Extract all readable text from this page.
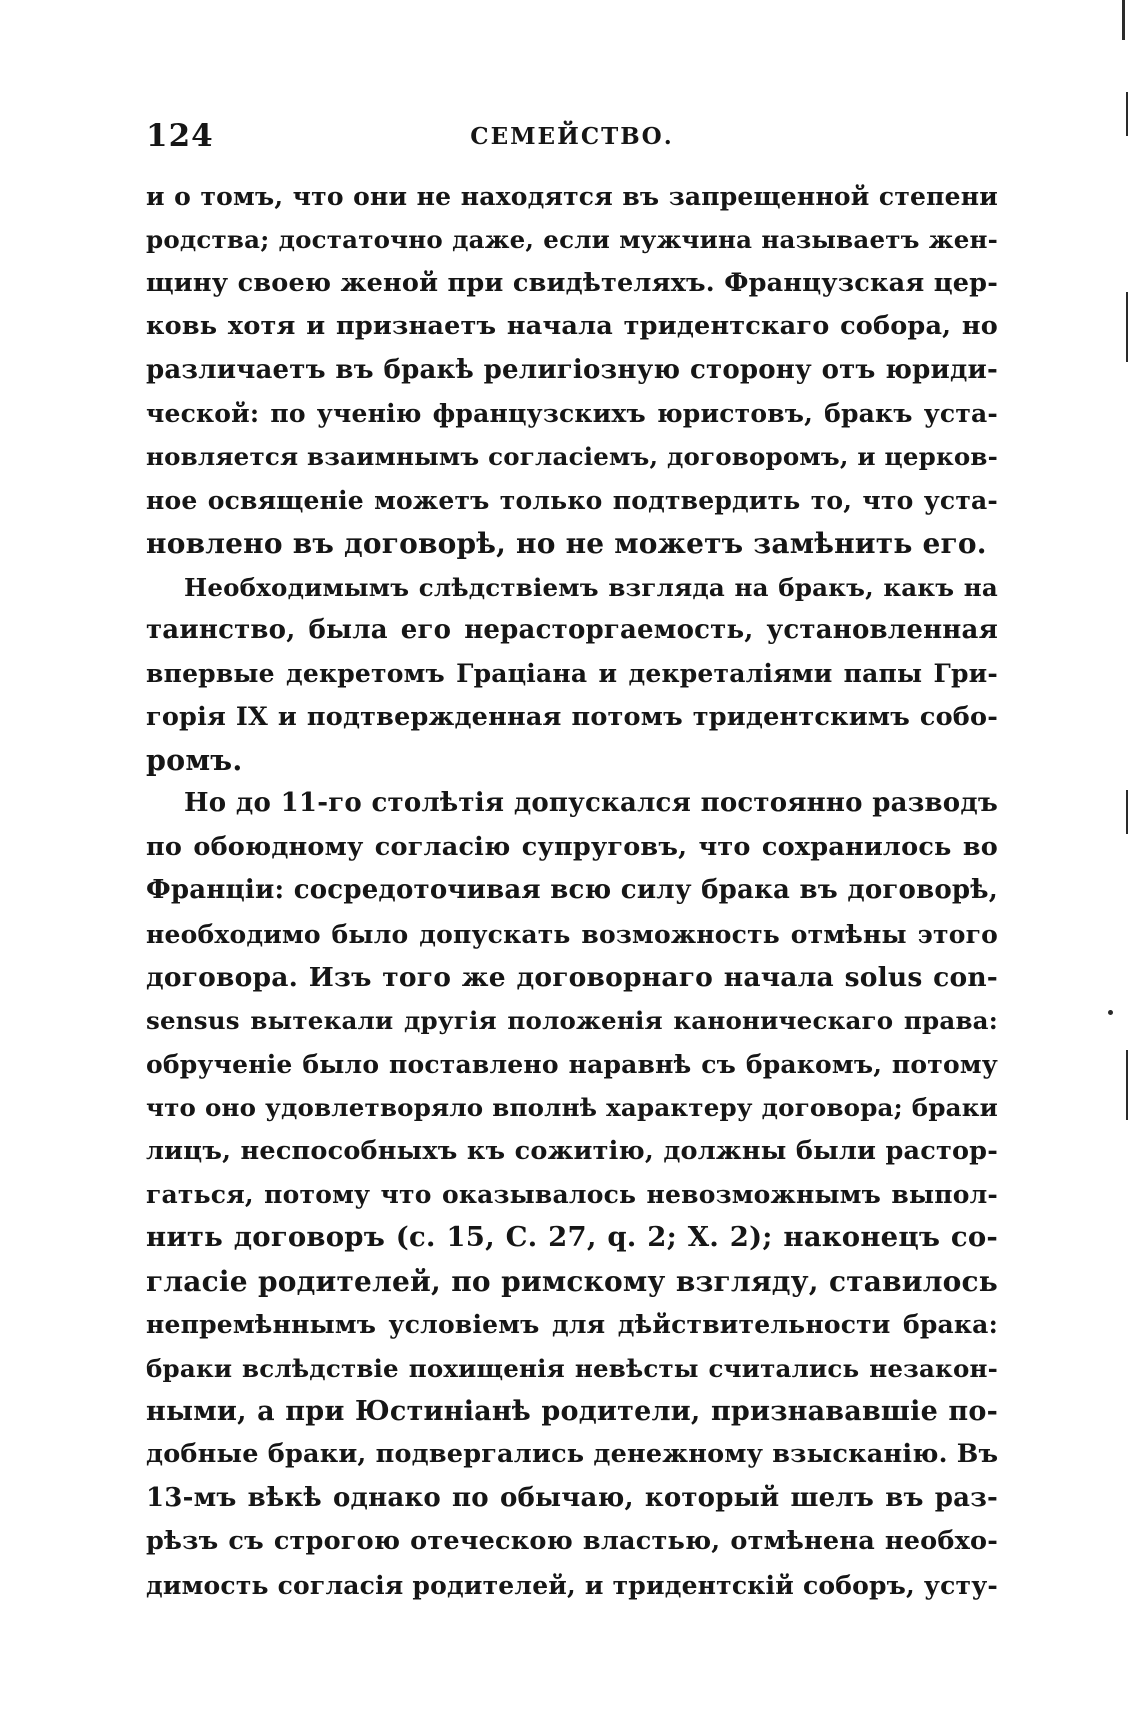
124	СЕМЕЙСТВО.
и о томъ, что они не находятся въ запрещенной степени
родства; достаточно даже, если мужчина называетъ жен-
щину своею женой при свидѣтеляхъ. Французская цер-
ковь хотя и признаетъ начала тридентскаго собора, но
различаетъ въ бракѣ религіозную сторону отъ юриди-
ческой: по ученію французскихъ юристовъ, бракъ уста-
новляется взаимнымъ согласіемъ, договоромъ, и церков-
ное освященіе можетъ только подтвердить то, что уста-
новлено въ договорѣ, но не можетъ замѣнить его.
Необходимымъ слѣдствіемъ взгляда на бракъ, какъ на
таинство, была его нерасторгаемость, установленная
впервые декретомъ Граціана и декреталіями папы Гри-
горія IX и подтвержденная потомъ тридентскимъ собо-
ромъ.
Но до 11-го столѣтія допускался постоянно разводъ
по обоюдному согласію супруговъ, что сохранилось во
Франціи: сосредоточивая всю силу брака въ договорѣ,
необходимо было допускать возможность отмѣны этого
договора. Изъ того же договорнаго начала solus con-
sensus вытекали другія положенія каноническаго права:
обрученіе было поставлено наравнѣ съ бракомъ, потому
что оно удовлетворяло вполнѣ характеру договора; браки
лицъ, неспособныхъ къ сожитію, должны были растор-
гаться, потому что оказывалось невозможнымъ выпол-
нить договоръ (с. 15, С. 27, q. 2; X. 2); наконецъ со-
гласіе родителей, по римскому взгляду, ставилось
непремѣннымъ условіемъ для дѣйствительности брака:
браки вслѣдствіе похищенія невѣсты считались незакон-
ными, а при Юстиніанѣ родители, признававшіе по-
добные браки, подвергались денежному взысканію. Въ
13-мъ вѣкѣ однако по обычаю, который шелъ въ раз-
рѣзъ съ строгою отеческою властью, отмѣнена необхо-
димость согласія родителей, и тридентскій соборъ, усту-
